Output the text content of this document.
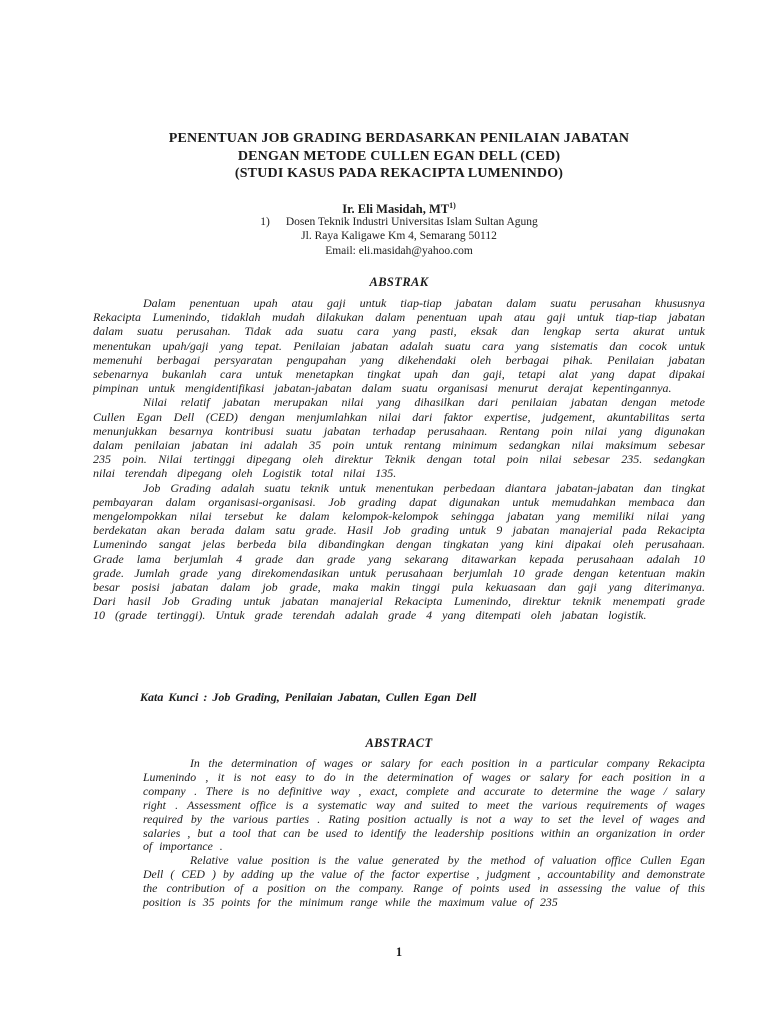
PENENTUAN JOB GRADING BERDASARKAN PENILAIAN JABATAN
DENGAN METODE CULLEN EGAN DELL (CED)
(STUDI KASUS PADA REKACIPTA LUMENINDO)
Ir. Eli Masidah, MT$^{1)}$
1) Dosen Teknik Industri Universitas Islam Sultan Agung
Jl. Raya Kaligawe Km 4, Semarang 50112
Email: eli.masidah@yahoo.com
ABSTRAK

Dalam penentuan upah atau gaji untuk tiap-tiap jabatan dalam suatu perusahan khususnya Rekacipta Lumenindo, tidaklah mudah dilakukan dalam penentuan upah atau gaji untuk tiap-tiap jabatan dalam suatu perusahan. Tidak ada suatu cara yang pasti, eksak dan lengkap serta akurat untuk menentukan upah/gaji yang tepat. Penilaian jabatan adalah suatu cara yang sistematis dan cocok untuk memenuhi berbagai persyaratan pengupahan yang dikehendaki oleh berbagai pihak. Penilaian jabatan sebenarnya bukanlah cara untuk menetapkan tingkat upah dan gaji, tetapi alat yang dapat dipakai pimpinan untuk mengidentifikasi jabatan-jabatan dalam suatu organisasi menurut derajat kepentingannya.

Nilai relatif jabatan merupakan nilai yang dihasilkan dari penilaian jabatan dengan metode Cullen Egan Dell (CED) dengan menjumlahkan nilai dari faktor expertise, judgement, akuntabilitas serta menunjukkan besarnya kontribusi suatu jabatan terhadap perusahaan. Rentang poin nilai yang digunakan dalam penilaian jabatan ini adalah 35 poin untuk rentang minimum sedangkan nilai maksimum sebesar 235 poin. Nilai tertinggi dipegang oleh direktur Teknik dengan total poin nilai sebesar 235. sedangkan nilai terendah dipegang oleh Logistik total nilai 135.

Job Grading adalah suatu teknik untuk menentukan perbedaan diantara jabatan-jabatan dan tingkat pembayaran dalam organisasi-organisasi. Job grading dapat digunakan untuk memudahkan membaca dan mengelompokkan nilai tersebut ke dalam kelompok-kelompok sehingga jabatan yang memiliki nilai yang berdekatan akan berada dalam satu grade. Hasil Job grading untuk 9 jabatan manajerial pada Rekacipta Lumenindo sangat jelas berbeda bila dibandingkan dengan tingkatan yang kini dipakai oleh perusahaan. Grade lama berjumlah 4 grade dan grade yang sekarang ditawarkan kepada perusahaan adalah 10 grade. Jumlah grade yang direkomendasikan untuk perusahaan berjumlah 10 grade dengan ketentuan makin besar posisi jabatan dalam job grade, maka makin tinggi pula kekuasaan dan gaji yang diterimanya. Dari hasil Job Grading untuk jabatan manajerial Rekacipta Lumenindo, direktur teknik menempati grade 10 (grade tertinggi). Untuk grade terendah adalah grade 4 yang ditempati oleh jabatan logistik.

Kata Kunci : Job Grading, Penilaian Jabatan, Cullen Egan Dell
ABSTRACT

In the determination of wages or salary for each position in a particular company Rekacipta Lumenindo , it is not easy to do in the determination of wages or salary for each position in a company . There is no definitive way , exact, complete and accurate to determine the wage / salary right . Assessment office is a systematic way and suited to meet the various requirements of wages required by the various parties . Rating position actually is not a way to set the level of wages and salaries , but a tool that can be used to identify the leadership positions within an organization in order of importance .

Relative value position is the value generated by the method of valuation office Cullen Egan Dell ( CED ) by adding up the value of the factor expertise , judgment , accountability and demonstrate the contribution of a position on the company. Range of points used in assessing the value of this position is 35 points for the minimum range while the maximum value of 235

1
